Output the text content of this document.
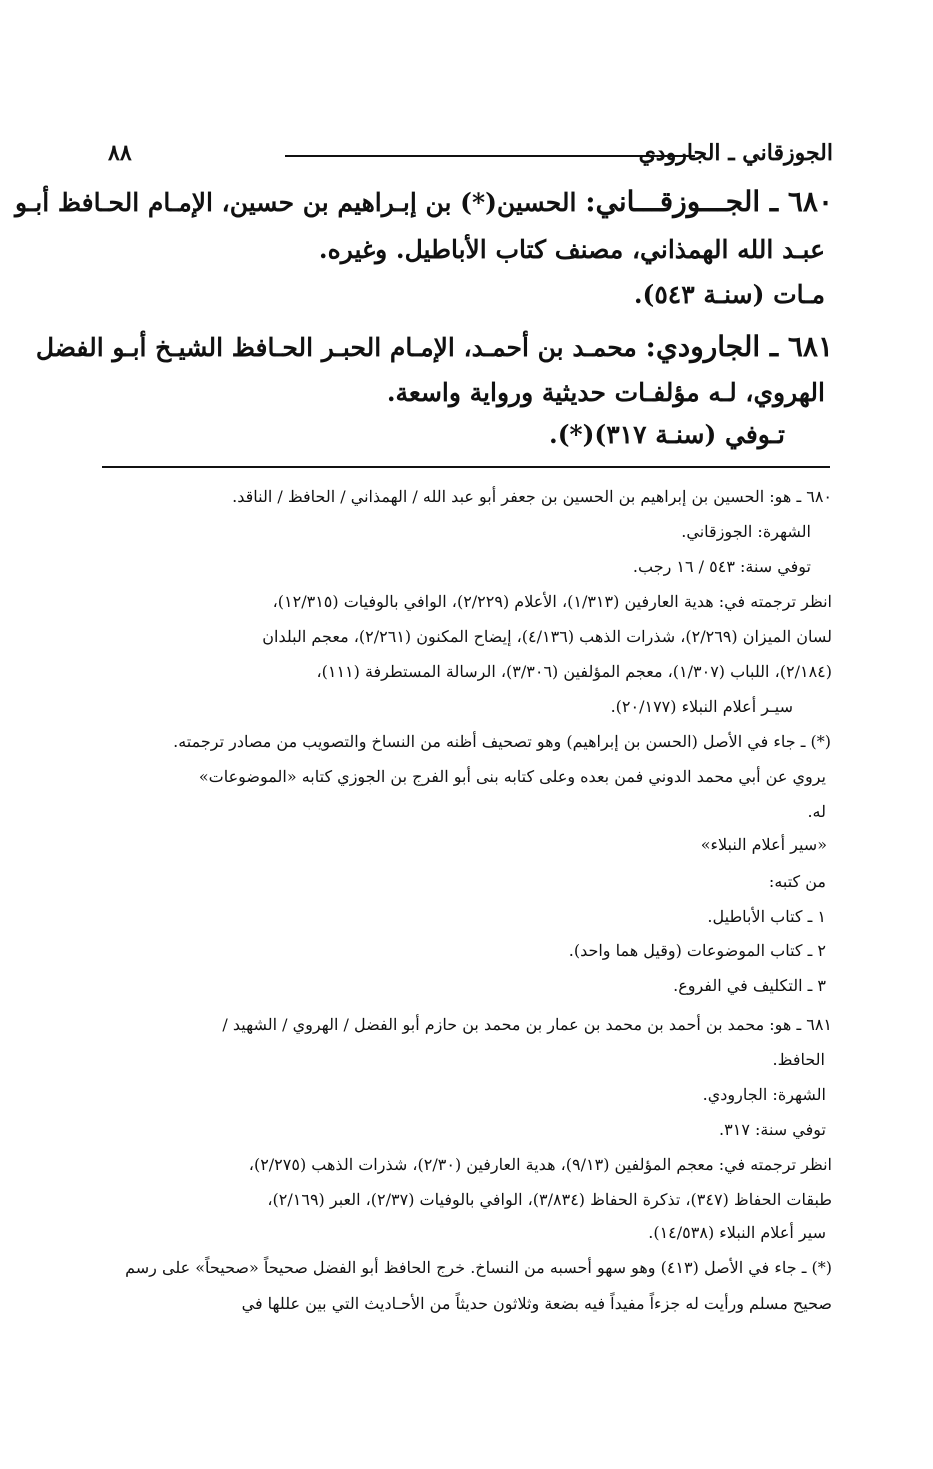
الجوزقاني ـ الجارودي
٨٨
٦٨٠ ـ الجـــوزقـــاني: الحسين(*) بن إبـراهيم بن حسين، الإمـام الحـافظ أبـو
عبـد الله الهمذاني، مصنف كتاب الأباطيل. وغيره.
مـات (سنـة ٥٤٣).
٦٨١ ـ الجارودي: محمـد بن أحمـد، الإمـام الحبـر الحـافظ الشيـخ أبـو الفضل
الهروي، لـه مؤلفـات حديثية ورواية واسعة.
تـوفي (سنـة ٣١٧)(*).
٦٨٠ ـ هو: الحسين بن إبراهيم بن الحسين بن جعفر أبو عبد الله / الهمذاني / الحافظ / الناقد.
الشهرة: الجوزقاني.
توفي سنة: ٥٤٣ / ١٦ رجب.
انظر ترجمته في: هدية العارفين (١/٣١٣)، الأعلام (٢/٢٢٩)، الوافي بالوفيات (١٢/٣١٥)،
لسان الميزان (٢/٢٦٩)، شذرات الذهب (٤/١٣٦)، إيضاح المكنون (٢/٢٦١)، معجم البلدان
(٢/١٨٤)، اللباب (١/٣٠٧)، معجم المؤلفين (٣/٣٠٦)، الرسالة المستطرفة (١١١)،
سيـر أعلام النبلاء (٢٠/١٧٧).
(*) ـ جاء في الأصل (الحسن بن إبراهيم) وهو تصحيف أظنه من النساخ والتصويب من مصادر ترجمته.
يروي عن أبي محمد الدوني فمن بعده وعلى كتابه بنى أبو الفرج بن الجوزي كتابه «الموضوعات»
له.
«سير أعلام النبلاء»
من كتبه:
١ ـ كتاب الأباطيل.
٢ ـ كتاب الموضوعات (وقيل هما واحد).
٣ ـ التكليف في الفروع.
٦٨١ ـ هو: محمد بن أحمد بن محمد بن عمار بن محمد بن حازم أبو الفضل / الهروي / الشهيد /
الحافظ.
الشهرة: الجارودي.
توفي سنة: ٣١٧.
انظر ترجمته في: معجم المؤلفين (٩/١٣)، هدية العارفين (٢/٣٠)، شذرات الذهب (٢/٢٧٥)،
طبقات الحفاظ (٣٤٧)، تذكرة الحفاظ (٣/٨٣٤)، الوافي بالوفيات (٢/٣٧)، العبر (٢/١٦٩)،
سير أعلام النبلاء (١٤/٥٣٨).
(*) ـ جاء في الأصل (٤١٣) وهو سهو أحسبه من النساخ. خرج الحافظ أبو الفضل صحيحاً «صحيحاً» على رسم
صحيح مسلم ورأيت له جزءاً مفيداً فيه بضعة وثلاثون حديثاً من الأحـاديث التي بين عللها في
